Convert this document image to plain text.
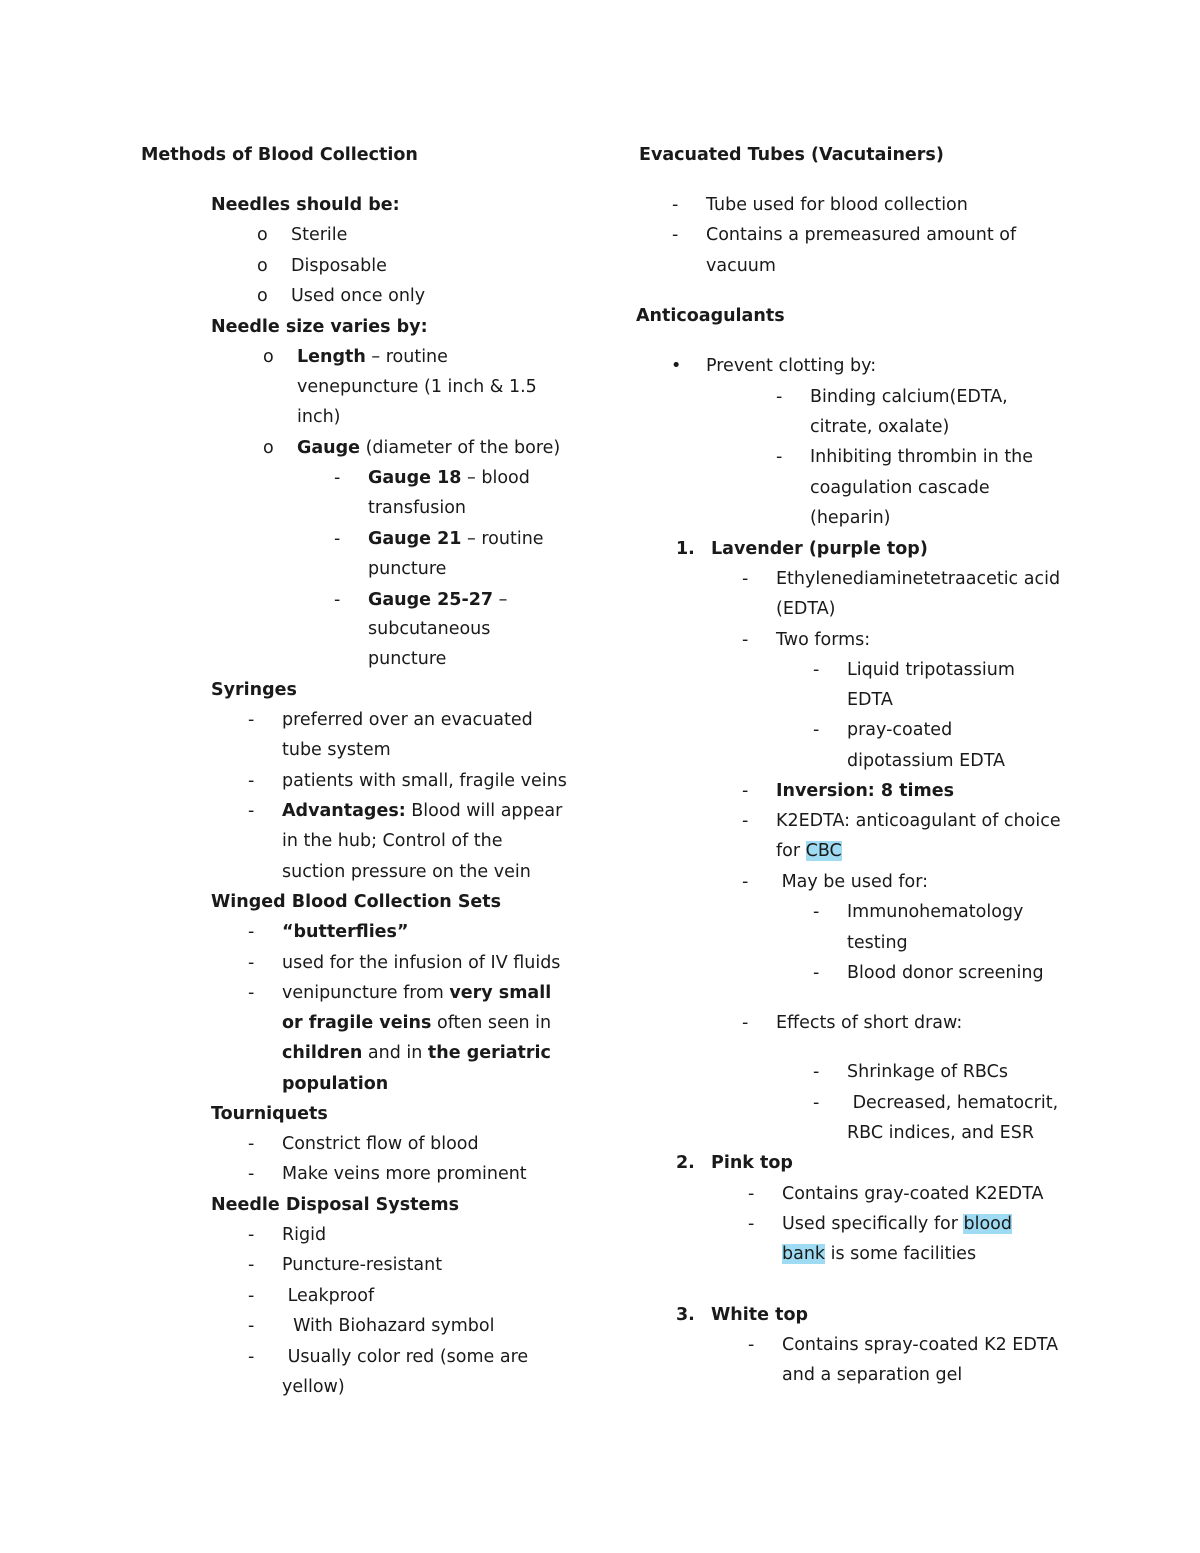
Methods of Blood Collection
Needles should be:
o Sterile
o Disposable
o Used once only
Needle size varies by:
o Length – routine
venepuncture (1 inch & 1.5
inch)
o Gauge (diameter of the bore)
- Gauge 18 – blood
transfusion
- Gauge 21 – routine
puncture
- Gauge 25-27 –
subcutaneous
puncture
Syringes
- preferred over an evacuated
tube system
- patients with small, fragile veins
- Advantages: Blood will appear
in the hub; Control of the
suction pressure on the vein
Winged Blood Collection Sets
- “butterflies”
- used for the infusion of IV fluids
- venipuncture from very small
or fragile veins often seen in
children and in the geriatric
population
Tourniquets
- Constrict flow of blood
- Make veins more prominent
Needle Disposal Systems
- Rigid
- Puncture-resistant
- Leakproof
- With Biohazard symbol
- Usually color red (some are
yellow)
Evacuated Tubes (Vacutainers)
- Tube used for blood collection
- Contains a premeasured amount of
vacuum
Anticoagulants
• Prevent clotting by:
- Binding calcium(EDTA,
citrate, oxalate)
- Inhibiting thrombin in the
coagulation cascade
(heparin)
1. Lavender (purple top)
- Ethylenediaminetetraacetic acid
(EDTA)
- Two forms:
- Liquid tripotassium
EDTA
- pray-coated
dipotassium EDTA
- Inversion: 8 times
- K2EDTA: anticoagulant of choice
for CBC
- May be used for:
- Immunohematology
testing
- Blood donor screening
- Effects of short draw:
- Shrinkage of RBCs
- Decreased, hematocrit,
RBC indices, and ESR
2. Pink top
- Contains gray-coated K2EDTA
- Used specifically for blood
bank is some facilities
3. White top
- Contains spray-coated K2 EDTA
and a separation gel
